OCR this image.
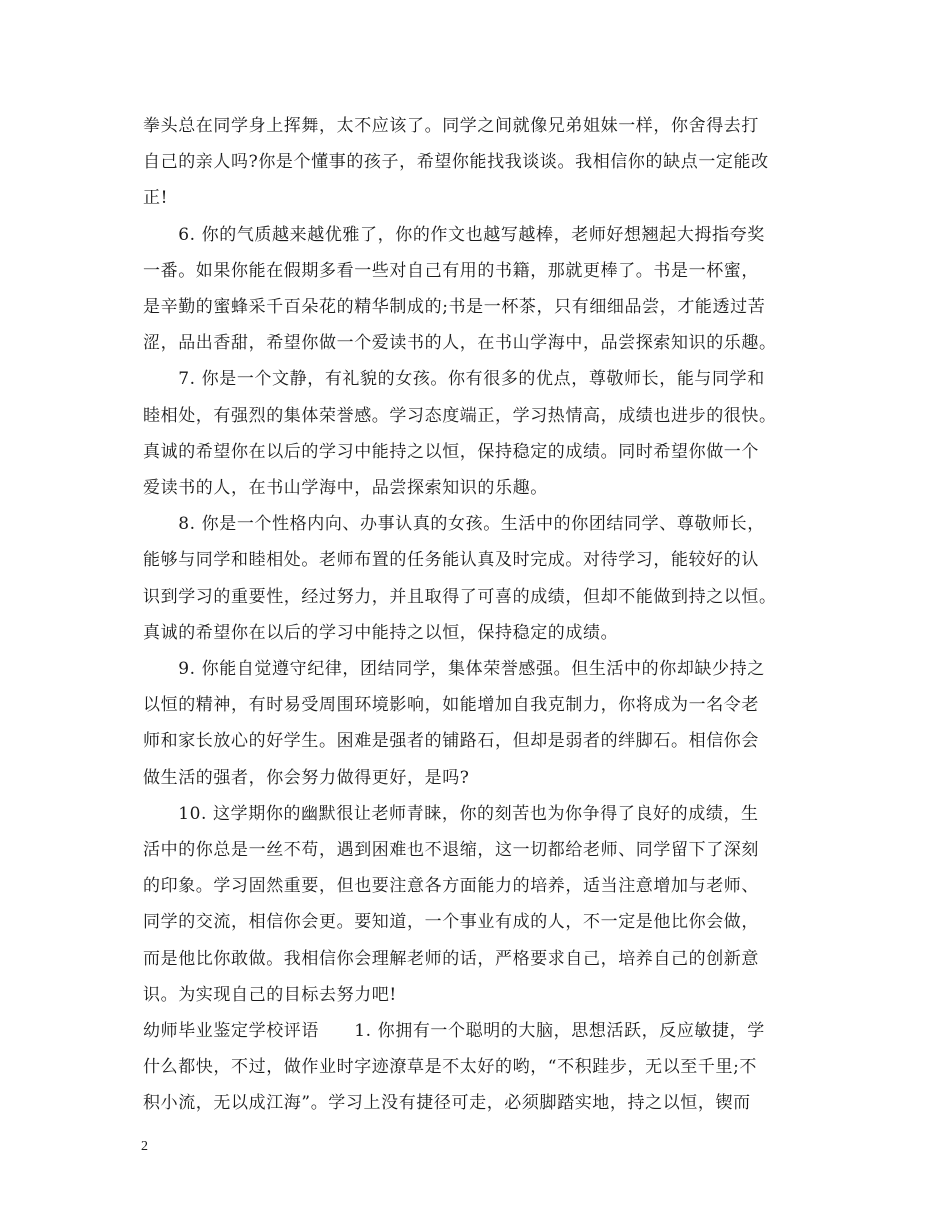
拳头总在同学身上挥舞，太不应该了。同学之间就像兄弟姐妹一样，你舍得去打
自己的亲人吗?你是个懂事的孩子，希望你能找我谈谈。我相信你的缺点一定能改
正!
　　6. 你的气质越来越优雅了，你的作文也越写越棒，老师好想翘起大拇指夸奖
一番。如果你能在假期多看一些对自己有用的书籍，那就更棒了。书是一杯蜜，
是辛勤的蜜蜂采千百朵花的精华制成的;书是一杯茶，只有细细品尝，才能透过苦
涩，品出香甜，希望你做一个爱读书的人，在书山学海中，品尝探索知识的乐趣。
　　7. 你是一个文静，有礼貌的女孩。你有很多的优点，尊敬师长，能与同学和
睦相处，有强烈的集体荣誉感。学习态度端正，学习热情高，成绩也进步的很快。
真诚的希望你在以后的学习中能持之以恒，保持稳定的成绩。同时希望你做一个
爱读书的人，在书山学海中，品尝探索知识的乐趣。
　　8. 你是一个性格内向、办事认真的女孩。生活中的你团结同学、尊敬师长，
能够与同学和睦相处。老师布置的任务能认真及时完成。对待学习，能较好的认
识到学习的重要性，经过努力，并且取得了可喜的成绩，但却不能做到持之以恒。
真诚的希望你在以后的学习中能持之以恒，保持稳定的成绩。
　　9. 你能自觉遵守纪律，团结同学，集体荣誉感强。但生活中的你却缺少持之
以恒的精神，有时易受周围环境影响，如能增加自我克制力，你将成为一名令老
师和家长放心的好学生。困难是强者的铺路石，但却是弱者的绊脚石。相信你会
做生活的强者，你会努力做得更好，是吗?
　　10. 这学期你的幽默很让老师青睐，你的刻苦也为你争得了良好的成绩，生
活中的你总是一丝不苟，遇到困难也不退缩，这一切都给老师、同学留下了深刻
的印象。学习固然重要，但也要注意各方面能力的培养，适当注意增加与老师、
同学的交流，相信你会更。要知道，一个事业有成的人，不一定是他比你会做，
而是他比你敢做。我相信你会理解老师的话，严格要求自己，培养自己的创新意
识。为实现自己的目标去努力吧!
幼师毕业鉴定学校评语　　1. 你拥有一个聪明的大脑，思想活跃，反应敏捷，学
什么都快，不过，做作业时字迹潦草是不太好的哟，“不积跬步，无以至千里;不
积小流，无以成江海”。学习上没有捷径可走，必须脚踏实地，持之以恒，锲而
2
